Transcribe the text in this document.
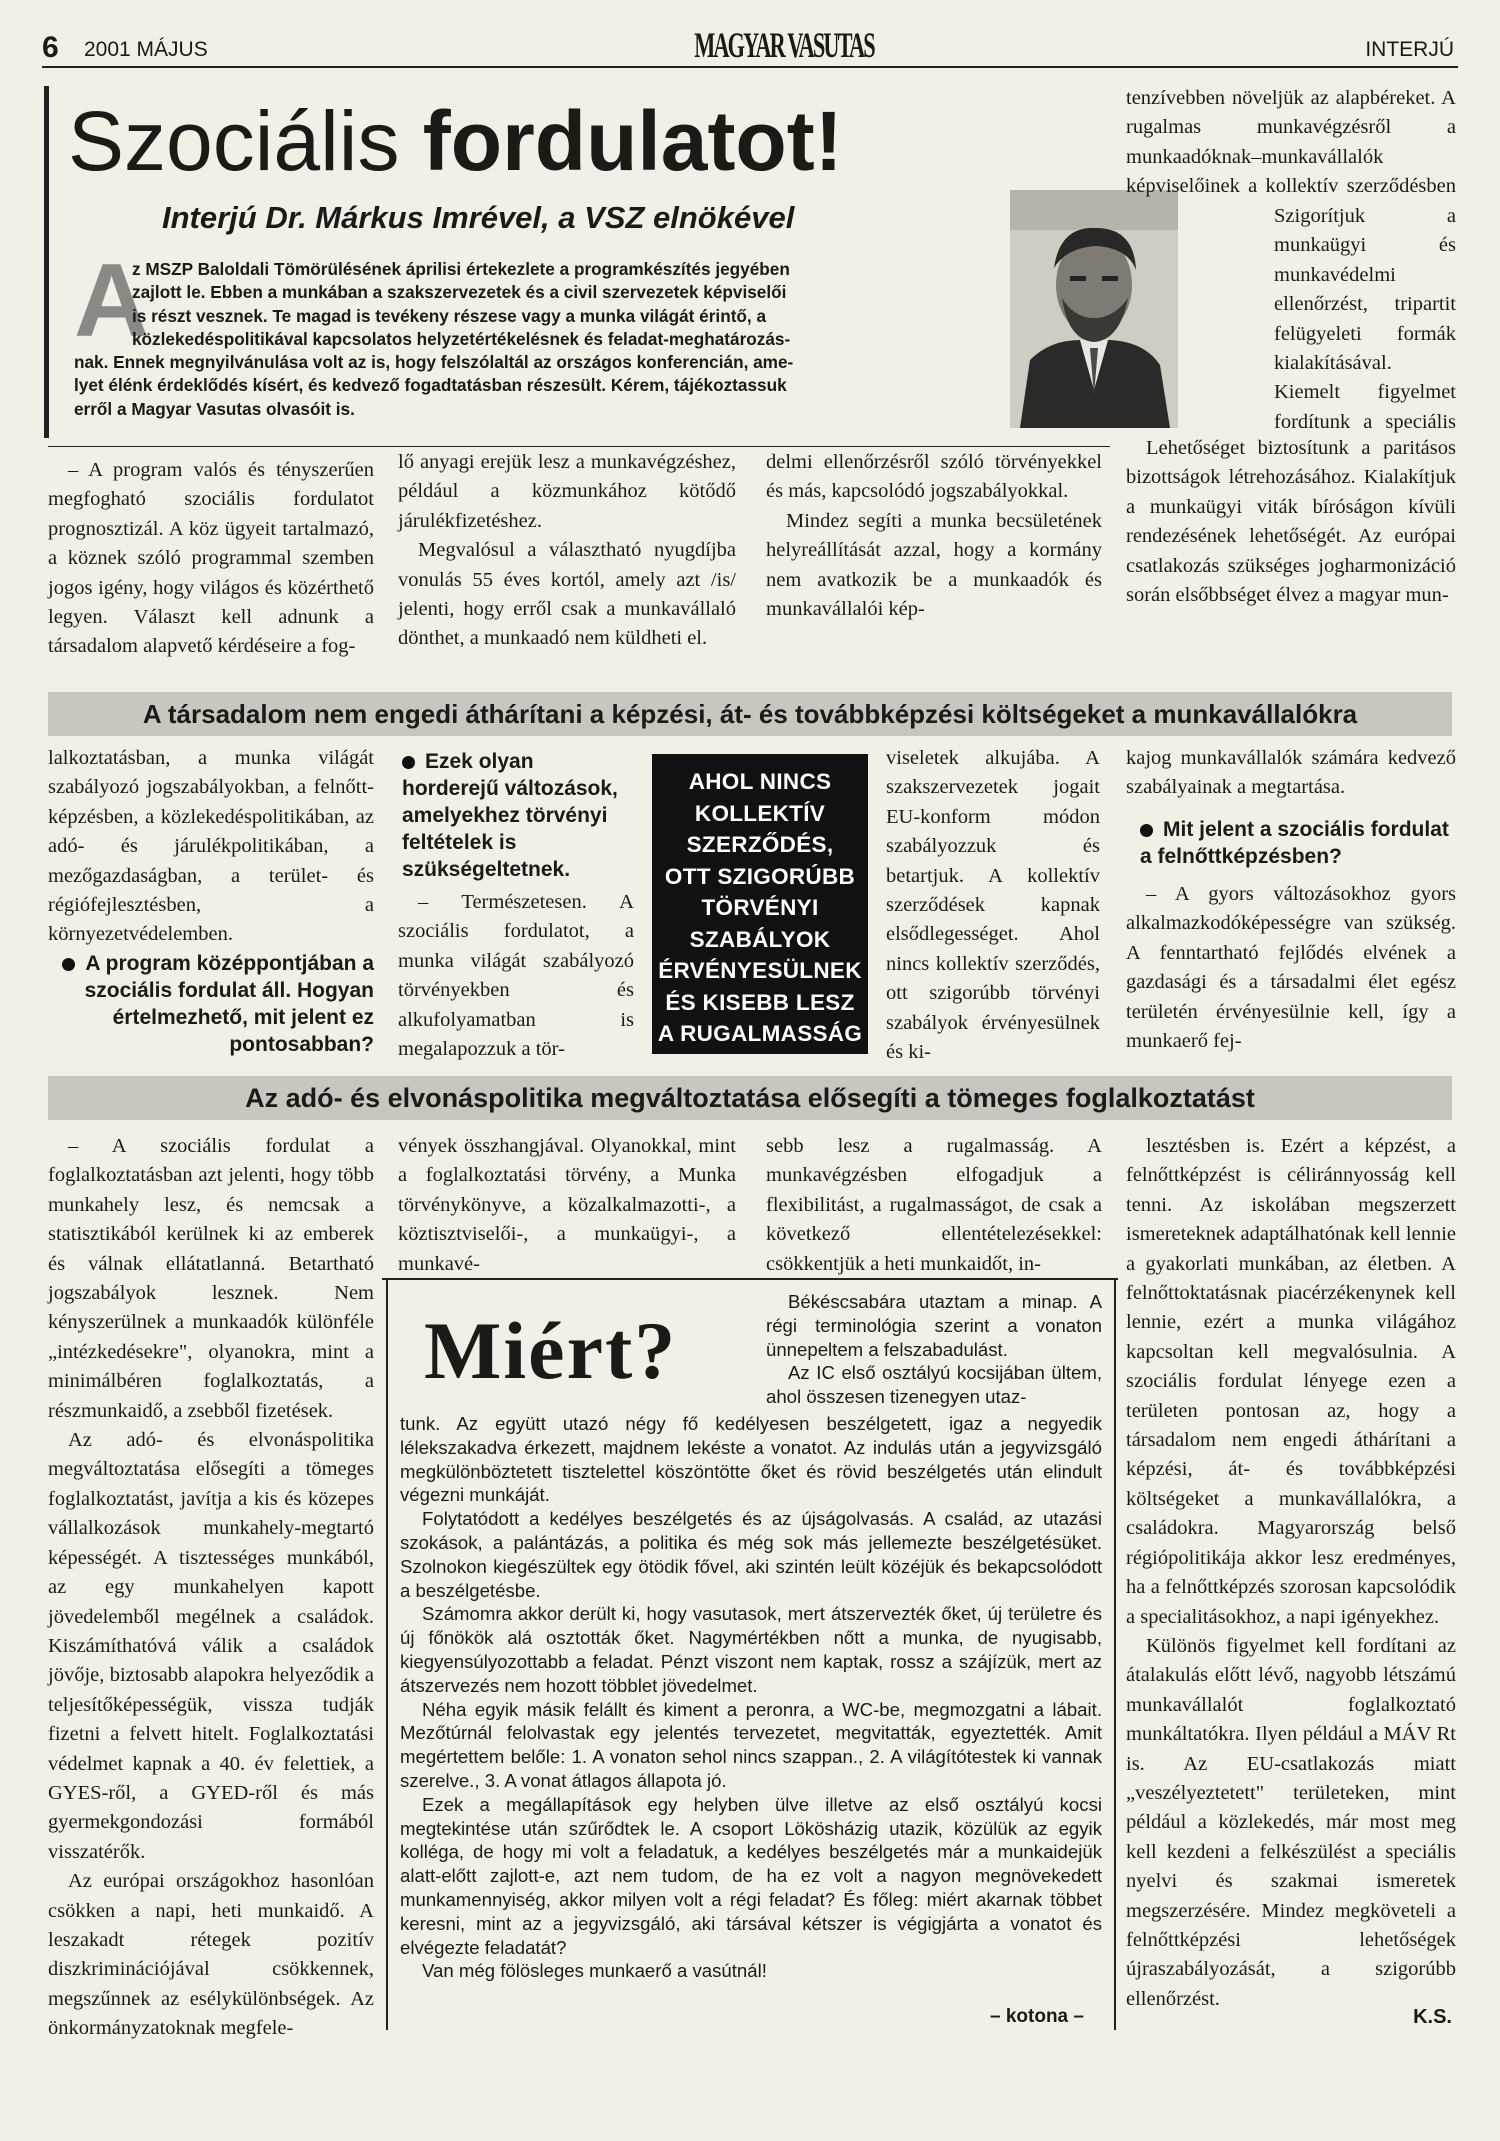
6 2001 MÁJUS	MAGYAR VASUTAS	INTERJÚ
Szociális fordulatot!
Interjú Dr. Márkus Imrével, a VSZ elnökével
A
z MSZP Baloldali Tömörülésének áprilisi értekezlete a programkészítés jegyében
zajlott le. Ebben a munkában a szakszervezetek és a civil szervezetek képviselői
is részt vesznek. Te magad is tevékeny részese vagy a munka világát érintő, a
közlekedéspolitikával kapcsolatos helyzetértékelésnek és feladat-meghatározás-
nak. Ennek megnyilvánulása volt az is, hogy felszólaltál az országos konferencián, ame-
lyet élénk érdeklődés kísért, és kedvező fogadtatásban részesült. Kérem, tájékoztassuk
erről a Magyar Vasutas olvasóit is.

– A program valós és tényszerűen megfogható szociális fordulatot prognosztizál. A köz ügyeit tartalmazó, a köznek szóló programmal szemben jogos igény, hogy világos és közérthető legyen. Választ kell adnunk a társadalom alapvető kérdéseire a fog-

lő anyagi erejük lesz a munkavégzéshez, például a közmunkához kötődő járulékfizetéshez.

Megvalósul a választható nyugdíjba vonulás 55 éves kortól, amely azt /is/ jelenti, hogy erről csak a munkavállaló dönthet, a munkaadó nem küldheti el.

delmi ellenőrzésről szóló törvényekkel és más, kapcsolódó jogszabályokkal.

Mindez segíti a munka becsületének helyreállítását azzal, hogy a kormány nem avatkozik be a munkaadók és munkavállalói kép-

tenzívebben növeljük az alapbéreket. A rugalmas munkavégzésről a munkaadóknak–munkavállalók képviselőinek a kollektív szerződésben

Szigorítjuk a munkaügyi és munkavédelmi ellenőrzést, tripartit felügyeleti formák kialakításával. Kiemelt figyelmet fordítunk a speciális

Lehetőséget biztosítunk a paritásos bizottságok létrehozásához. Kialakítjuk a munkaügyi viták bíróságon kívüli rendezésének lehetőségét. Az európai csatlakozás szükséges jogharmonizáció során elsőbbséget élvez a magyar mun-

A társadalom nem engedi áthárítani a képzési, át- és továbbképzési költségeket a munkavállalókra

lalkoztatásban, a munka világát szabályozó jogszabályokban, a felnőtt-képzésben, a közlekedéspolitikában, az adó- és járulékpolitikában, a mezőgazdaságban, a terület- és régiófejlesztésben, a környezetvédelemben.

A program középpontjában a szociális fordulat áll. Hogyan értelmezhető, mit jelent ez pontosabban?
Ezek olyan horderejű változások, amelyekhez törvényi feltételek is szükségeltetnek.

– Természetesen. A szociális fordulatot, a munka világát szabályozó törvényekben és alkufolyamatban is megalapozzuk a tör-

AHOL NINCS
KOLLEKTÍV
SZERZŐDÉS,
OTT SZIGORÚBB
TÖRVÉNYI
SZABÁLYOK
ÉRVÉNYESÜLNEK
ÉS KISEBB LESZ
A RUGALMASSÁG

viseletek alkujába. A szakszervezetek jogait EU-konform módon szabályozzuk és betartjuk. A kollektív szerződések kapnak elsődlegességet. Ahol nincs kollektív szerződés, ott szigorúbb törvényi szabályok érvényesülnek és ki-

kajog munkavállalók számára kedvező szabályainak a megtartása.

Mit jelent a szociális fordulat a felnőttképzésben?

– A gyors változásokhoz gyors alkalmazkodóképességre van szükség. A fenntartható fejlődés elvének a gazdasági és a társadalmi élet egész területén érvényesülnie kell, így a munkaerő fej-

Az adó- és elvonáspolitika megváltoztatása elősegíti a tömeges foglalkoztatást

– A szociális fordulat a foglalkoztatásban azt jelenti, hogy több munkahely lesz, és nemcsak a statisztikából kerülnek ki az emberek és válnak ellátatlanná. Betartható jogszabályok lesznek. Nem kényszerülnek a munkaadók különféle „intézkedésekre", olyanokra, mint a minimálbéren foglalkoztatás, a részmunkaidő, a zsebből fizetések.

Az adó- és elvonáspolitika megváltoztatása elősegíti a tömeges foglalkoztatást, javítja a kis és közepes vállalkozások munkahely-megtartó képességét. A tisztességes munkából, az egy munkahelyen kapott jövedelemből megélnek a családok. Kiszámíthatóvá válik a családok jövője, biztosabb alapokra helyeződik a teljesítőképességük, vissza tudják fizetni a felvett hitelt. Foglalkoztatási védelmet kapnak a 40. év felettiek, a GYES-ről, a GYED-ről és más gyermekgondozási formából visszatérők.

Az európai országokhoz hasonlóan csökken a napi, heti munkaidő. A leszakadt rétegek pozitív diszkriminációjával csökkennek, megszűnnek az esélykülönbségek. Az önkormányzatoknak megfele-

vények összhangjával. Olyanokkal, mint a foglalkoztatási törvény, a Munka törvénykönyve, a közalkalmazotti-, a köztisztviselői-, a munkaügyi-, a munkavé-

sebb lesz a rugalmasság. A munkavégzésben elfogadjuk a flexibilitást, a rugalmasságot, de csak a következő ellentételezésekkel: csökkentjük a heti munkaidőt, in-

lesztésben is. Ezért a képzést, a felnőttképzést is céliránnyosság kell tenni. Az iskolában megszerzett ismereteknek adaptálhatónak kell lennie a gyakorlati munkában, az életben. A felnőttoktatásnak piacérzékenynek kell lennie, ezért a munka világához kapcsoltan kell megvalósulnia. A szociális fordulat lényege ezen a területen pontosan az, hogy a társadalom nem engedi áthárítani a képzési, át- és továbbképzési költségeket a munkavállalókra, a családokra. Magyarország belső régiópolitikája akkor lesz eredményes, ha a felnőttképzés szorosan kapcsolódik a specialitásokhoz, a napi igényekhez.

Különös figyelmet kell fordítani az átalakulás előtt lévő, nagyobb létszámú munkavállalót foglalkoztató munkáltatókra. Ilyen például a MÁV Rt is. Az EU-csatlakozás miatt „veszélyeztetett" területeken, mint például a közlekedés, már most meg kell kezdeni a felkészülést a speciális nyelvi és szakmai ismeretek megszerzésére. Mindez megköveteli a felnőttképzési lehetőségek újraszabályozását, a szigorúbb ellenőrzést.

K.S.
Miért?

Békéscsabára utaztam a minap. A régi terminológia szerint a vonaton ünnepeltem a felszabadulást.

Az IC első osztályú kocsijában ültem, ahol összesen tizenegyen utaz-

tunk. Az együtt utazó négy fő kedélyesen beszélgetett, igaz a negyedik lélekszakadva érkezett, majdnem lekéste a vonatot. Az indulás után a jegyvizsgáló megkülönböztetett tisztelettel köszöntötte őket és rövid beszélgetés után elindult végezni munkáját.

Folytatódott a kedélyes beszélgetés és az újságolvasás. A család, az utazási szokások, a palántázás, a politika és még sok más jellemezte beszélgetésüket. Szolnokon kiegészültek egy ötödik fővel, aki szintén leült közéjük és bekapcsolódott a beszélgetésbe.

Számomra akkor derült ki, hogy vasutasok, mert átszervezték őket, új területre és új főnökök alá osztották őket. Nagymértékben nőtt a munka, de nyugisabb, kiegyensúlyozottabb a feladat. Pénzt viszont nem kaptak, rossz a szájízük, mert az átszervezés nem hozott többlet jövedelmet.

Néha egyik másik felállt és kiment a peronra, a WC-be, megmozgatni a lábait. Mezőtúrnál felolvastak egy jelentés tervezetet, megvitatták, egyeztették. Amit megértettem belőle: 1. A vonaton sehol nincs szappan., 2. A világítótestek ki vannak szerelve., 3. A vonat átlagos állapota jó.

Ezek a megállapítások egy helyben ülve illetve az első osztályú kocsi megtekintése után szűrődtek le. A csoport Lökösházig utazik, közülük az egyik kolléga, de hogy mi volt a feladatuk, a kedélyes beszélgetés már a munkaidejük alatt-előtt zajlott-e, azt nem tudom, de ha ez volt a nagyon megnövekedett munkamennyiség, akkor milyen volt a régi feladat? És főleg: miért akarnak többet keresni, mint az a jegyvizsgáló, aki társával kétszer is végigjárta a vonatot és elvégezte feladatát?

Van még fölösleges munkaerő a vasútnál!

– kotona –
